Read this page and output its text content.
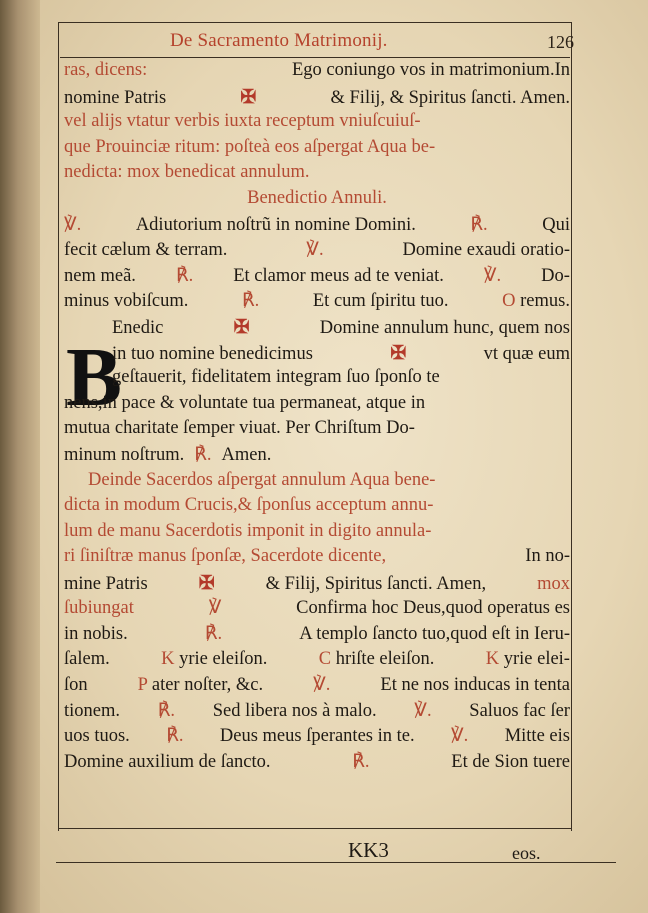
De Sacramento Matrimonij.	126
B
ras, dicens:	Ego coniungo vos in matrimonium.In
nomine Patris	✠	& Filij, & Spiritus ſancti. Amen.
vel alijs vtatur verbis iuxta receptum vniuſcuiuſ-
que Prouinciæ ritum: poſteà eos aſpergat Aqua be-
nedicta: mox benedicat annulum.
Benedictio Annuli.
℣.	Adiutorium noſtrũ in nomine Domini.	℟.	Qui
fecit cælum & terram.	℣.	Domine exaudi oratio-
nem meã. ℟. Et clamor meus ad te veniat. ℣. Do-
minus vobiſcum.	℟.	Et cum ſpiritu tuo.	O remus.
Enedic	✠	Domine annulum hunc, quem nos
in tuo nomine benedicimus	✠	vt quæ eum
geſtauerit, fidelitatem integram ſuo ſponſo te
nens,in pace & voluntate tua permaneat, atque in
mutua charitate ſemper viuat. Per Chriſtum Do-
minum noſtrum. ℟. Amen.
Deinde Sacerdos aſpergat annulum Aqua bene-
dicta in modum Crucis,& ſponſus acceptum annu-
lum de manu Sacerdotis imponit in digito annula-
ri ſiniſtræ manus ſponſæ, Sacerdote dicente,	In no-
mine Patris	✠	& Filij, Spiritus ſancti. Amen,	mox
ſubiungat	℣	Confirma hoc Deus,quod operatus es
in nobis.	℟.	A templo ſancto tuo,quod eſt in Ieru-
ſalem.	K yrie eleiſon.	C hriſte eleiſon.	K yrie elei-
ſon	P ater noſter, &c.	℣.	Et ne nos inducas in tenta
tionem. ℟. Sed libera nos à malo. ℣. Saluos fac ſer
uos tuos. ℟. Deus meus ſperantes in te. ℣. Mitte eis
Domine auxilium de ſancto.	℟.	Et de Sion tuere
KK3	eos.
